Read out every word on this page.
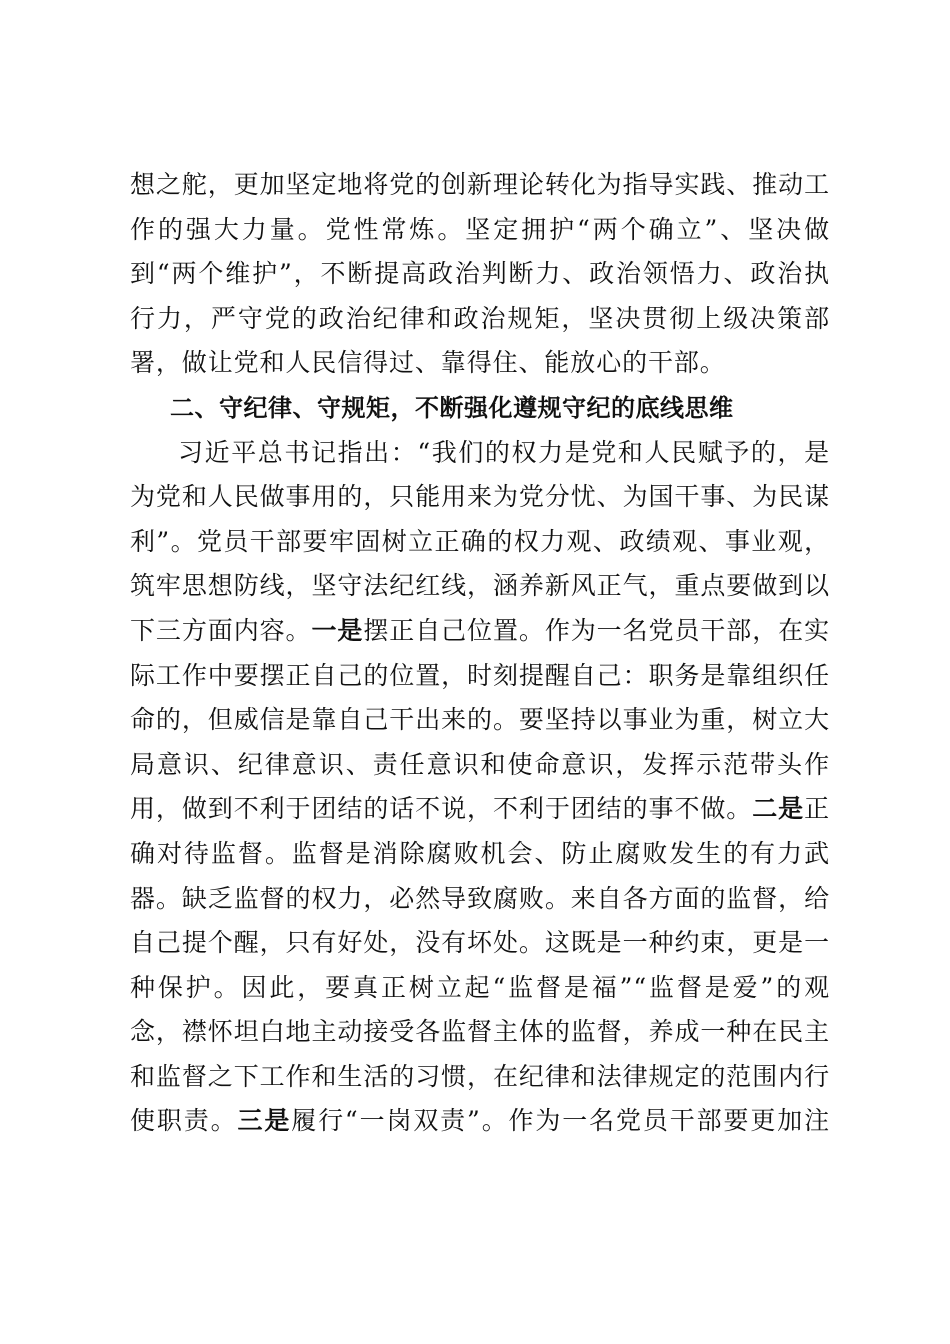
想之舵，更加坚定地将党的创新理论转化为指导实践、推动工
作的强大力量。党性常炼。坚定拥护“两个确立”、坚决做
到“两个维护”，不断提高政治判断力、政治领悟力、政治执
行力，严守党的政治纪律和政治规矩，坚决贯彻上级决策部
署，做让党和人民信得过、靠得住、能放心的干部。
二、守纪律、守规矩，不断强化遵规守纪的底线思维
习近平总书记指出：“我们的权力是党和人民赋予的，是
为党和人民做事用的，只能用来为党分忧、为国干事、为民谋
利”。党员干部要牢固树立正确的权力观、政绩观、事业观，
筑牢思想防线，坚守法纪红线，涵养新风正气，重点要做到以
下三方面内容。一是摆正自己位置。作为一名党员干部，在实
际工作中要摆正自己的位置，时刻提醒自己：职务是靠组织任
命的，但威信是靠自己干出来的。要坚持以事业为重，树立大
局意识、纪律意识、责任意识和使命意识，发挥示范带头作
用，做到不利于团结的话不说，不利于团结的事不做。二是正
确对待监督。监督是消除腐败机会、防止腐败发生的有力武
器。缺乏监督的权力，必然导致腐败。来自各方面的监督，给
自己提个醒，只有好处，没有坏处。这既是一种约束，更是一
种保护。因此，要真正树立起“监督是福”“监督是爱”的观
念，襟怀坦白地主动接受各监督主体的监督，养成一种在民主
和监督之下工作和生活的习惯，在纪律和法律规定的范围内行
使职责。三是履行“一岗双责”。作为一名党员干部要更加注
